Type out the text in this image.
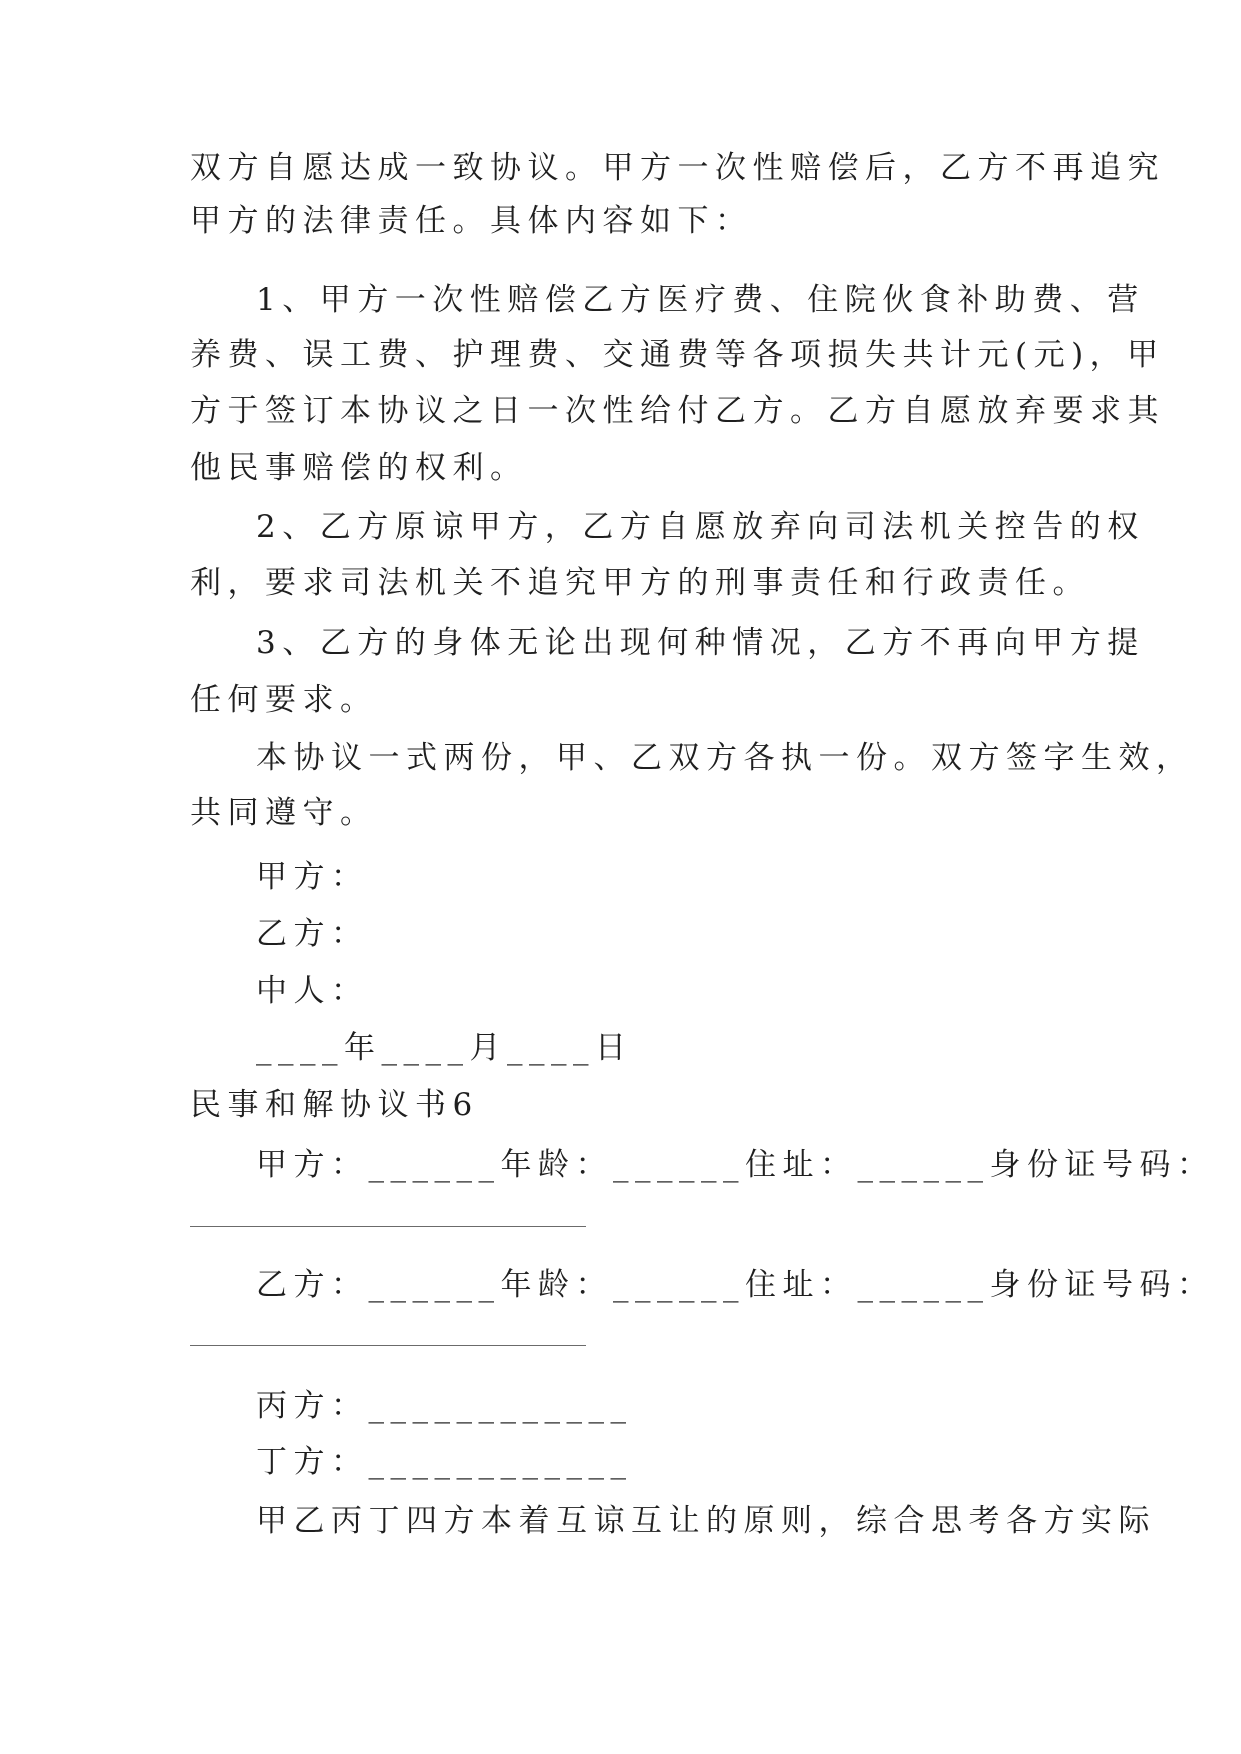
双方自愿达成一致协议。甲方一次性赔偿后，乙方不再追究
甲方的法律责任。具体内容如下：
1、甲方一次性赔偿乙方医疗费、住院伙食补助费、营
养费、误工费、护理费、交通费等各项损失共计元(元)，甲
方于签订本协议之日一次性给付乙方。乙方自愿放弃要求其
他民事赔偿的权利。
2、乙方原谅甲方，乙方自愿放弃向司法机关控告的权
利，要求司法机关不追究甲方的刑事责任和行政责任。
3、乙方的身体无论出现何种情况，乙方不再向甲方提
任何要求。
本协议一式两份，甲、乙双方各执一份。双方签字生效，
共同遵守。
甲方：
乙方：
中人：
____年____月____日
民事和解协议书6
甲方：______年龄：______住址：______身份证号码：
乙方：______年龄：______住址：______身份证号码：
丙方：____________
丁方：____________
甲乙丙丁四方本着互谅互让的原则，综合思考各方实际
